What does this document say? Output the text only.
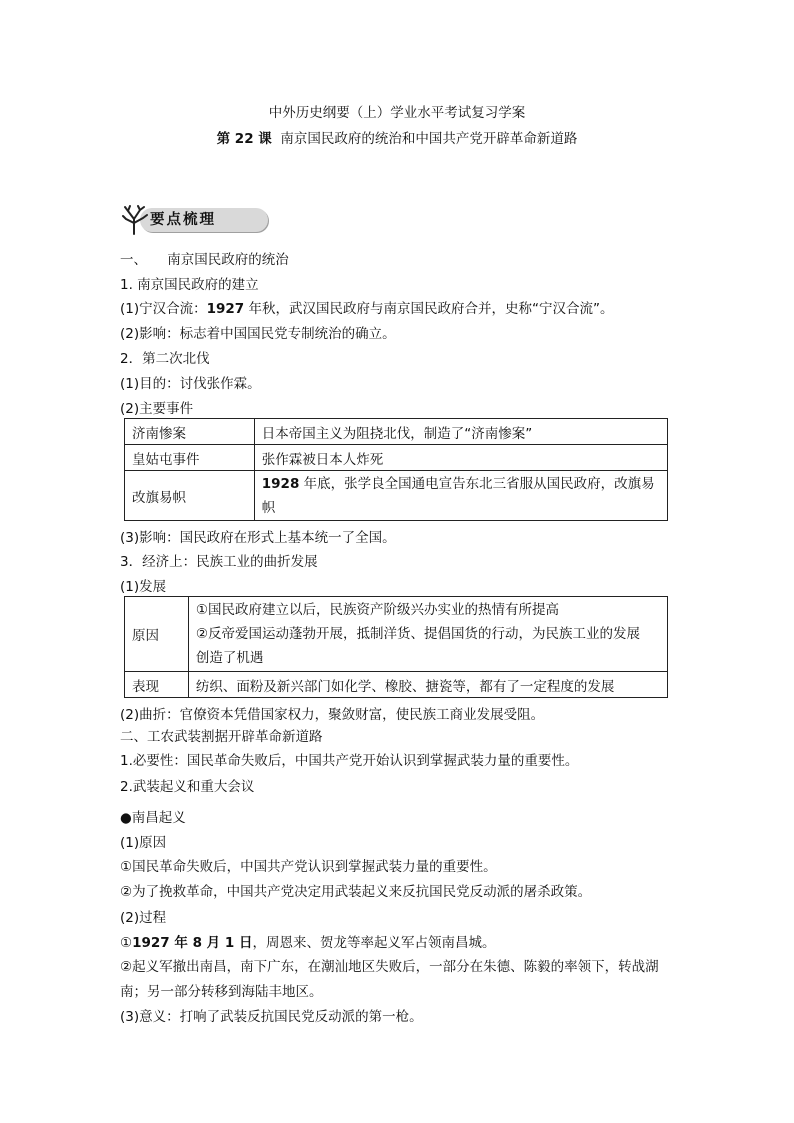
中外历史纲要（上）学业水平考试复习学案
第 22 课 南京国民政府的统治和中国共产党开辟革命新道路
要点梳理
一、　　南京国民政府的统治
1. 南京国民政府的建立
(1)宁汉合流：1927 年秋，武汉国民政府与南京国民政府合并，史称“宁汉合流”。
(2)影响：标志着中国国民党专制统治的确立。
2．第二次北伐
(1)目的：讨伐张作霖。
(2)主要事件
济南惨案	日本帝国主义为阻挠北伐，制造了“济南惨案”
皇姑屯事件	张作霖被日本人炸死
改旗易帜	1928 年底，张学良全国通电宣告东北三省服从国民政府，改旗易
帜
(3)影响：国民政府在形式上基本统一了全国。
3．经济上：民族工业的曲折发展
(1)发展
原因	①国民政府建立以后，民族资产阶级兴办实业的热情有所提高
②反帝爱国运动蓬勃开展，抵制洋货、提倡国货的行动，为民族工业的发展
创造了机遇
表现	纺织、面粉及新兴部门如化学、橡胶、搪瓷等，都有了一定程度的发展
(2)曲折：官僚资本凭借国家权力，聚敛财富，使民族工商业发展受阻。
二、工农武装割据开辟革命新道路
1.必要性：国民革命失败后，中国共产党开始认识到掌握武装力量的重要性。
2.武装起义和重大会议
●南昌起义
(1)原因
①国民革命失败后，中国共产党认识到掌握武装力量的重要性。
②为了挽救革命，中国共产党决定用武装起义来反抗国民党反动派的屠杀政策。
(2)过程
①1927 年 8 月 1 日，周恩来、贺龙等率起义军占领南昌城。
②起义军撤出南昌，南下广东，在潮汕地区失败后，一部分在朱德、陈毅的率领下，转战湖
南；另一部分转移到海陆丰地区。
(3)意义：打响了武装反抗国民党反动派的第一枪。
